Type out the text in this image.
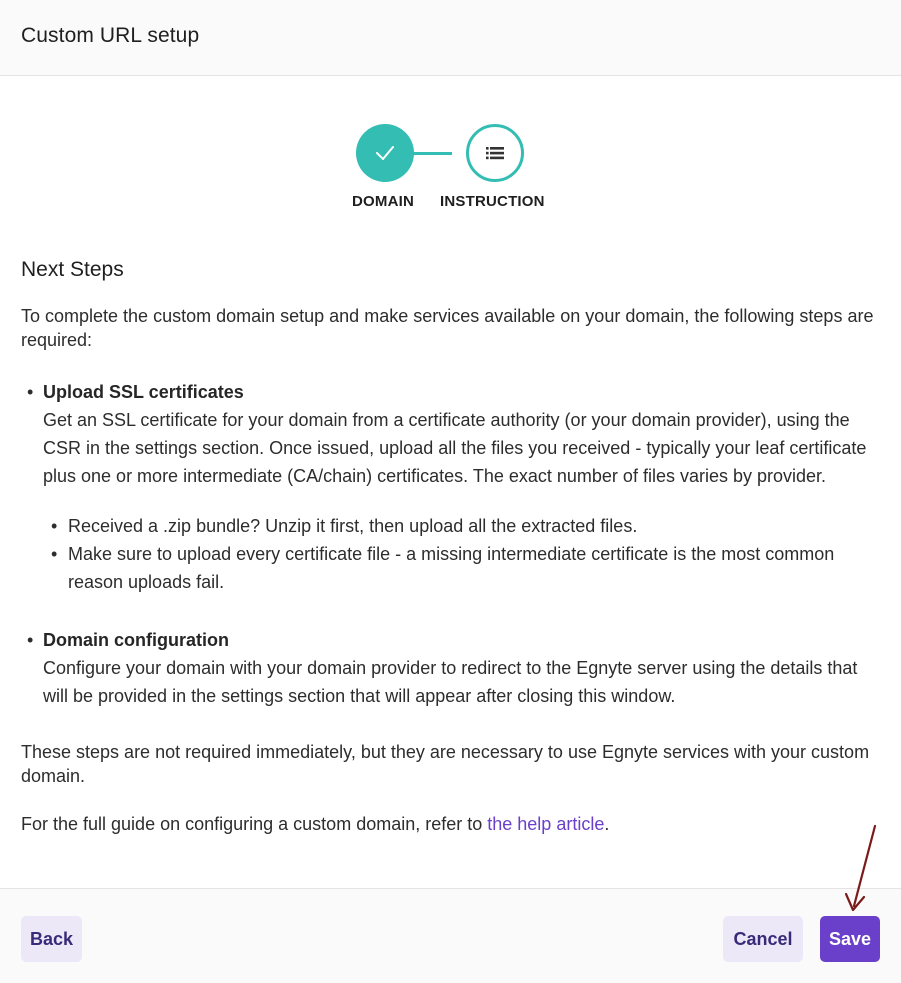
Custom URL setup
DOMAIN INSTRUCTION
Next Steps
To complete the custom domain setup and make services available on your domain, the following steps are required:
• Upload SSL certificates
Get an SSL certificate for your domain from a certificate authority (or your domain provider), using the CSR in the settings section. Once issued, upload all the files you received - typically your leaf certificate plus one or more intermediate (CA/chain) certificates. The exact number of files varies by provider.
• Received a .zip bundle? Unzip it first, then upload all the extracted files.
• Make sure to upload every certificate file - a missing intermediate certificate is the most common reason uploads fail.
• Domain configuration
Configure your domain with your domain provider to redirect to the Egnyte server using the details that will be provided in the settings section that will appear after closing this window.
These steps are not required immediately, but they are necessary to use Egnyte services with your custom domain.
For the full guide on configuring a custom domain, refer to the help article.
Back	Cancel	Save
